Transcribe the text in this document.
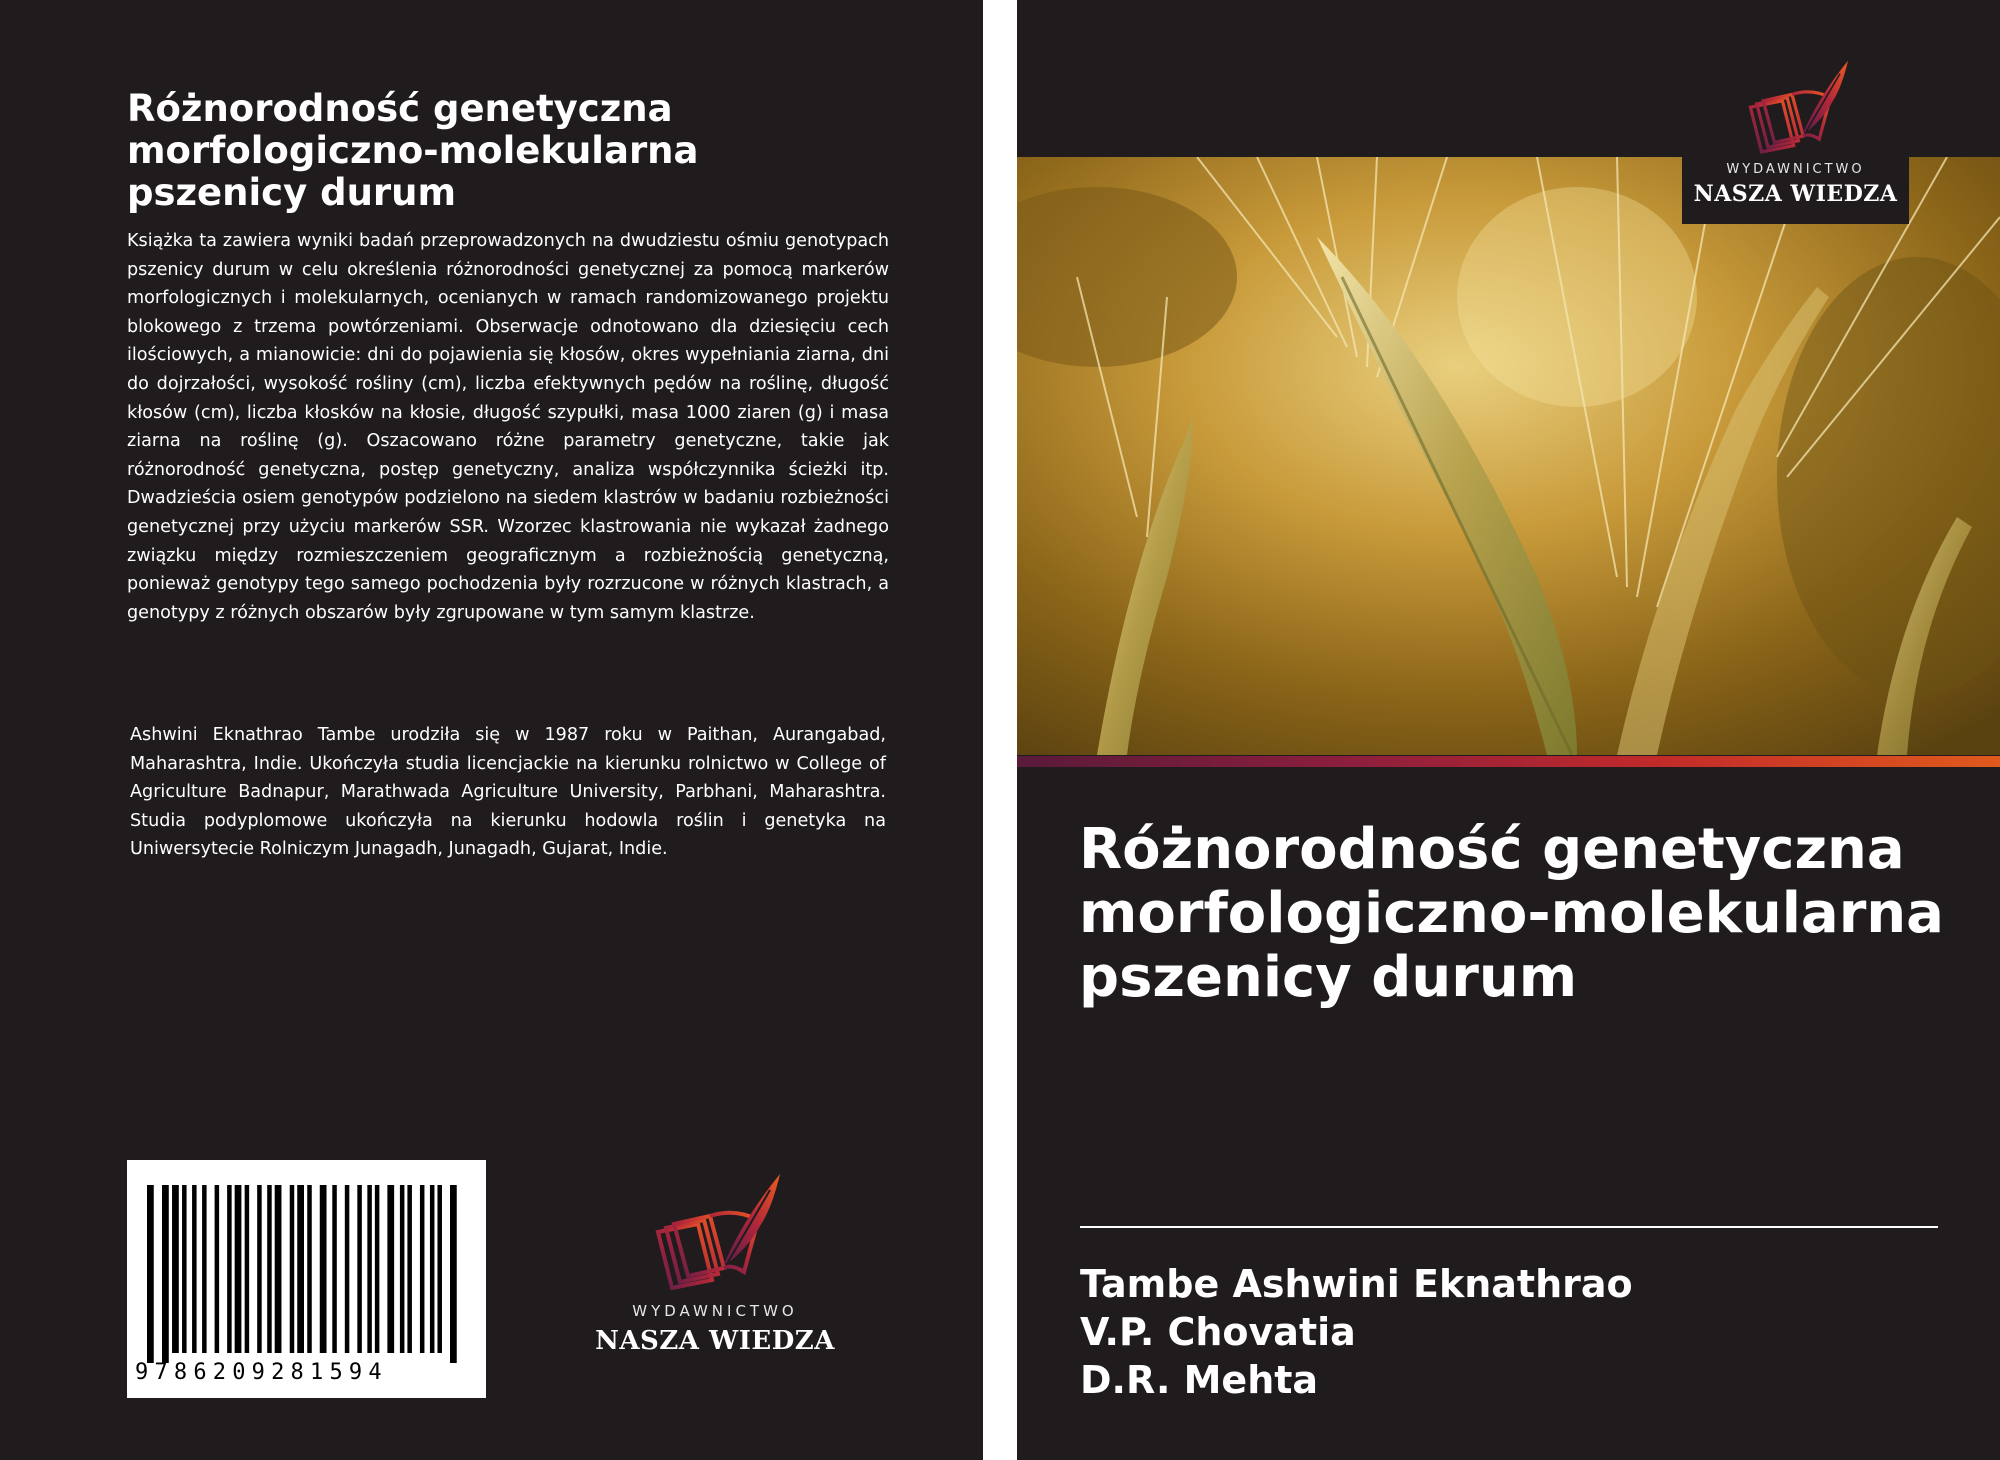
Różnorodność genetyczna morfologiczno-molekularna pszenicy durum

Książka ta zawiera wyniki badań przeprowadzonych na dwudziestu ośmiu genotypach pszenicy durum w celu określenia różnorodności genetycznej za pomocą markerów morfologicznych i molekularnych, ocenianych w ramach randomizowanego projektu blokowego z trzema powtórzeniami. Obserwacje odnotowano dla dziesięciu cech ilościowych, a mianowicie: dni do pojawienia się kłosów, okres wypełniania ziarna, dni do dojrzałości, wysokość rośliny (cm), liczba efektywnych pędów na roślinę, długość kłosów (cm), liczba kłosków na kłosie, długość szypułki, masa 1000 ziaren (g) i masa ziarna na roślinę (g). Oszacowano różne parametry genetyczne, takie jak różnorodność genetyczna, postęp genetyczny, analiza współczynnika ścieżki itp. Dwadzieścia osiem genotypów podzielono na siedem klastrów w badaniu rozbieżności genetycznej przy użyciu markerów SSR. Wzorzec klastrowania nie wykazał żadnego związku między rozmieszczeniem geograficznym a rozbieżnością genetyczną, ponieważ genotypy tego samego pochodzenia były rozrzucone w różnych klastrach, a genotypy z różnych obszarów były zgrupowane w tym samym klastrze.

Ashwini Eknathrao Tambe urodziła się w 1987 roku w Paithan, Aurangabad, Maharashtra, Indie. Ukończyła studia licencjackie na kierunku rolnictwo w College of Agriculture Badnapur, Marathwada Agriculture University, Parbhani, Maharashtra. Studia podyplomowe ukończyła na kierunku hodowla roślin i genetyka na Uniwersytecie Rolniczym Junagadh, Junagadh, Gujarat, Indie.

9786209281594
WYDAWNICTWO
NASZA WIEDZA
WYDAWNICTWO
NASZA WIEDZA
Różnorodność genetyczna morfologiczno-molekularna pszenicy durum
Tambe Ashwini Eknathrao
V.P. Chovatia
D.R. Mehta
